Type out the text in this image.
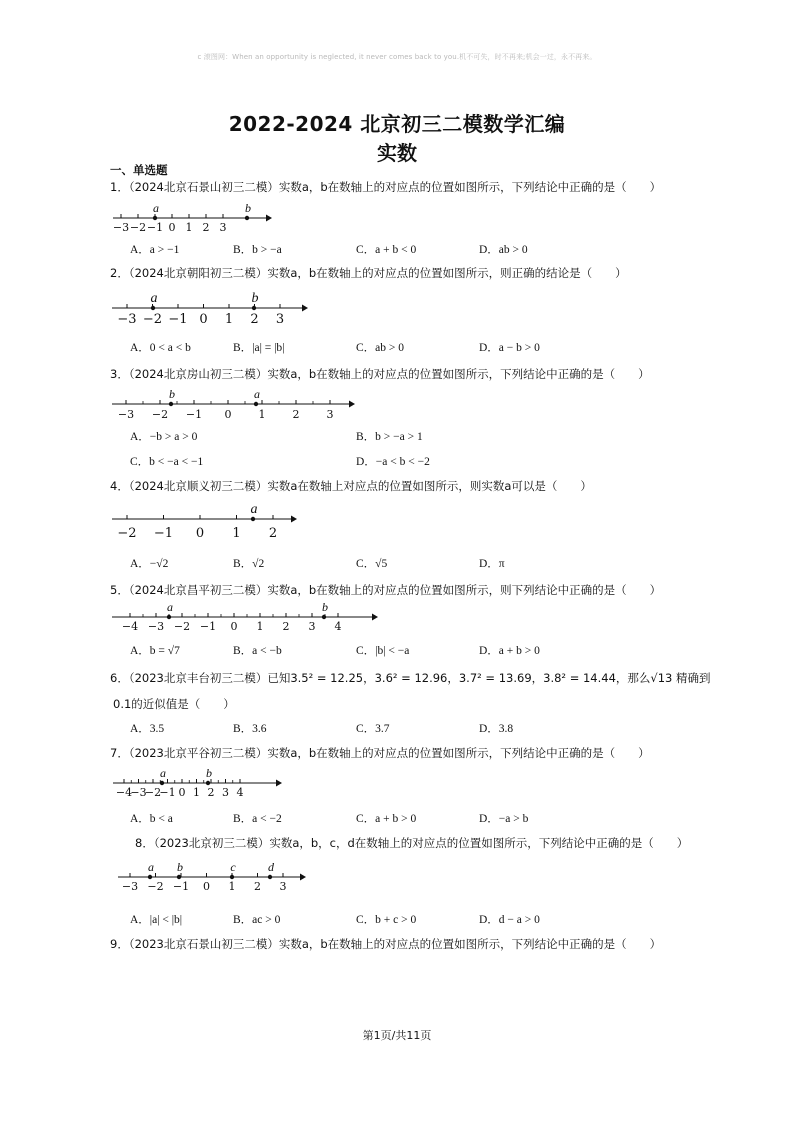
c 滚图网：When an opportunity is neglected, it never comes back to you.机不可失，时不再来;机会一过，永不再来。
2022-2024 北京初三二模数学汇编
实数
一、单选题
1．（2024北京石景山初三二模）实数a，b在数轴上的对应点的位置如图所示，下列结论中正确的是（　　）
A．a > −1	B．b > −a	C．a + b < 0	D．ab > 0
2．（2024北京朝阳初三二模）实数a，b在数轴上的对应点的位置如图所示，则正确的结论是（　　）
A．0 < a < b	B．|a| = |b|	C．ab > 0	D．a − b > 0
3．（2024北京房山初三二模）实数a，b在数轴上的对应点的位置如图所示，下列结论中正确的是（　　）
A．−b > a > 0	B．b > −a > 1
C．b < −a < −1	D．−a < b < −2
4．（2024北京顺义初三二模）实数a在数轴上对应点的位置如图所示，则实数a可以是（　　）
A．−√2	B．√2	C．√5	D．π
5．（2024北京昌平初三二模）实数a，b在数轴上的对应点的位置如图所示，则下列结论中正确的是（　　）
A．b = √7	B．a < −b	C．|b| < −a	D．a + b > 0
6．（2023北京丰台初三二模）已知3.5² = 12.25，3.6² = 12.96，3.7² = 13.69，3.8² = 14.44，那么√13 精确到
0.1的近似值是（　　）
A．3.5	B．3.6	C．3.7	D．3.8
7．（2023北京平谷初三二模）实数a，b在数轴上的对应点的位置如图所示，下列结论中正确的是（　　）
A．b < a	B．a < −2	C．a + b > 0	D．−a > b
8．（2023北京初三二模）实数a，b，c，d在数轴上的对应点的位置如图所示，下列结论中正确的是（　　）
A．|a| < |b|	B．ac > 0	C．b + c > 0	D．d − a > 0
9．（2023北京石景山初三二模）实数a，b在数轴上的对应点的位置如图所示，下列结论中正确的是（　　）
第1页/共11页
−3 −2 −1 0 1 2 3
a	b
−3 −2 −1 0 1 2 3
a	b
−3 −2 −1 0 1 2 3
b	a
−2 −1 0 1 2
a
−4 −3 −2 −1 0 1 2 3 4
a	b
−4
−3
−2
−1 0 1 2 3 4
a	b
−3 −2 −1 0 1 2 3
a b	c	d
